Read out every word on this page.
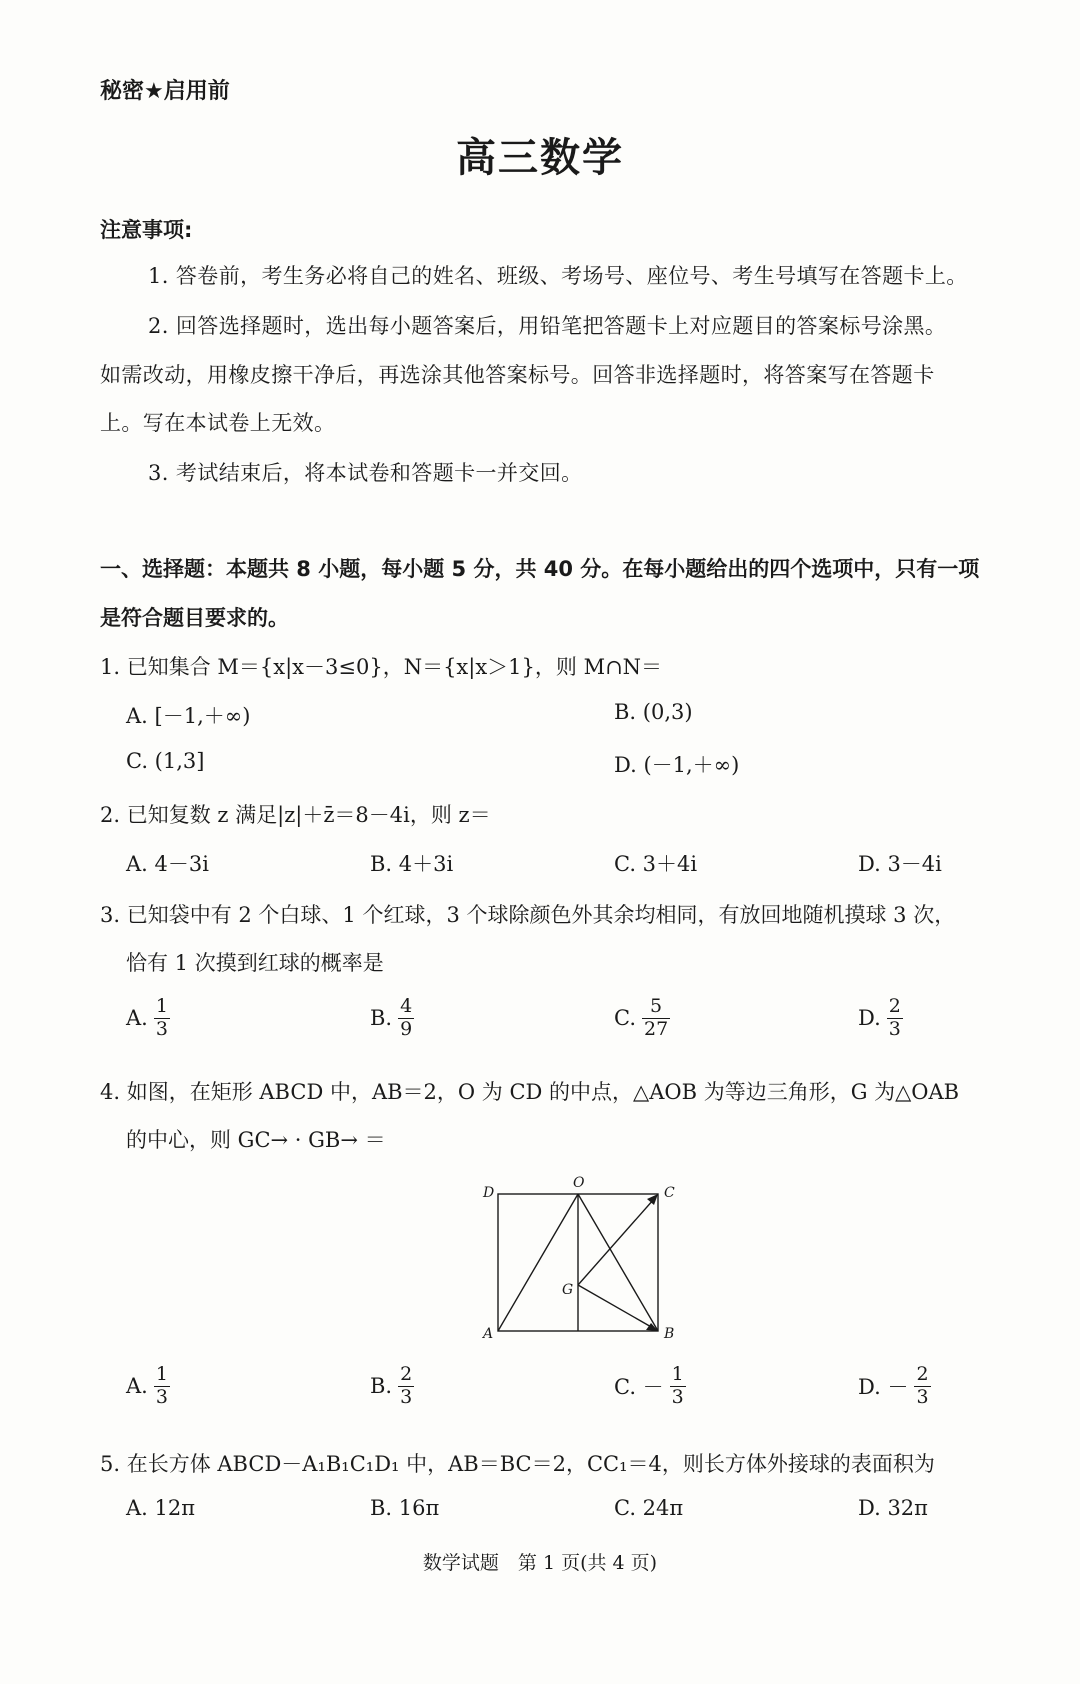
秘密★启用前
高三数学
注意事项:
1. 答卷前，考生务必将自己的姓名、班级、考场号、座位号、考生号填写在答题卡上。
2. 回答选择题时，选出每小题答案后，用铅笔把答题卡上对应题目的答案标号涂黑。
如需改动，用橡皮擦干净后，再选涂其他答案标号。回答非选择题时，将答案写在答题卡
上。写在本试卷上无效。
3. 考试结束后，将本试卷和答题卡一并交回。
一、选择题：本题共 8 小题，每小题 5 分，共 40 分。在每小题给出的四个选项中，只有一项
是符合题目要求的。
1. 已知集合 M＝{x|x－3≤0}，N＝{x|x＞1}，则 M∩N＝
A. [－1,＋∞)	B. (0,3)
C. (1,3]	D. (－1,＋∞)
2. 已知复数 z 满足|z|＋z̄＝8－4i，则 z＝
A. 4－3i	B. 4＋3i	C. 3＋4i	D. 3－4i
3. 已知袋中有 2 个白球、1 个红球，3 个球除颜色外其余均相同，有放回地随机摸球 3 次，
恰有 1 次摸到红球的概率是
A. $\frac{1}{3}$	B. $\frac{4}{9}$	C. $\frac{5}{27}$	D. $\frac{2}{3}$
4. 如图，在矩形 ABCD 中，AB＝2，O 为 CD 的中点，△AOB 为等边三角形，G 为△OAB
的中心，则 GC→ · GB→ ＝
D
O
C
G
A	B
A. $\frac{1}{3}$	B. $\frac{2}{3}$	C. － $\frac{1}{3}$	D. － $\frac{2}{3}$
5. 在长方体 ABCD－A₁B₁C₁D₁ 中，AB＝BC＝2，CC₁＝4，则长方体外接球的表面积为
A. 12π	B. 16π	C. 24π	D. 32π
数学试题　第 1 页(共 4 页)
